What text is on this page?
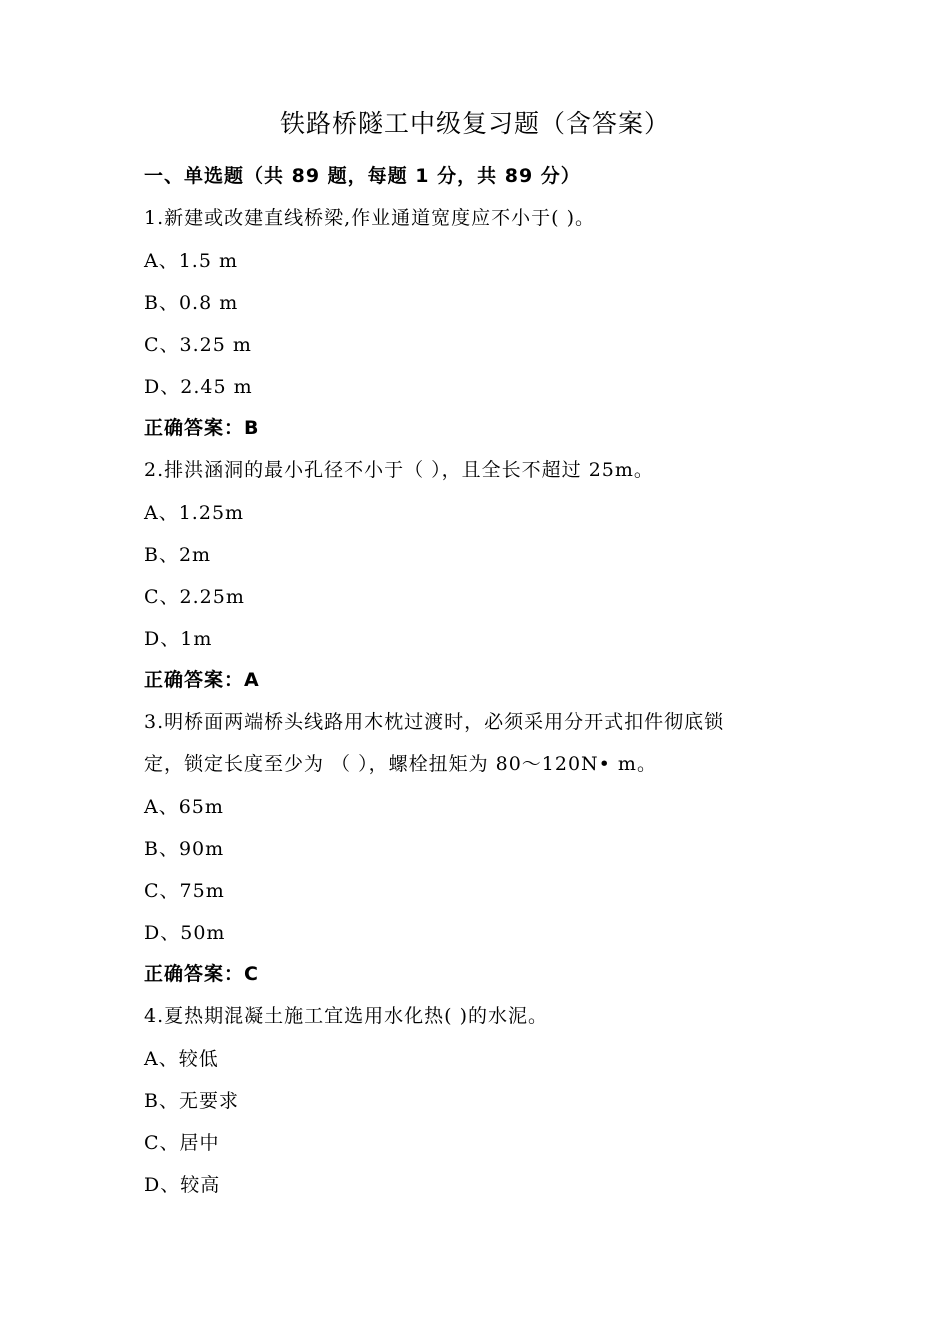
铁路桥隧工中级复习题（含答案）
一、单选题（共 89 题，每题 1 分，共 89 分）
1.新建或改建直线桥梁,作业通道宽度应不小于( )。
A、1.5 m
B、0.8 m
C、3.25 m
D、2.45 m
正确答案：B
2.排洪涵洞的最小孔径不小于（ ），且全长不超过 25m。
A、1.25m
B、2m
C、2.25m
D、1m
正确答案：A
3.明桥面两端桥头线路用木枕过渡时，必须采用分开式扣件彻底锁
定，锁定长度至少为 （ ），螺栓扭矩为 80～120N• m。
A、65m
B、90m
C、75m
D、50m
正确答案：C
4.夏热期混凝土施工宜选用水化热( )的水泥。
A、较低
B、无要求
C、居中
D、较高
